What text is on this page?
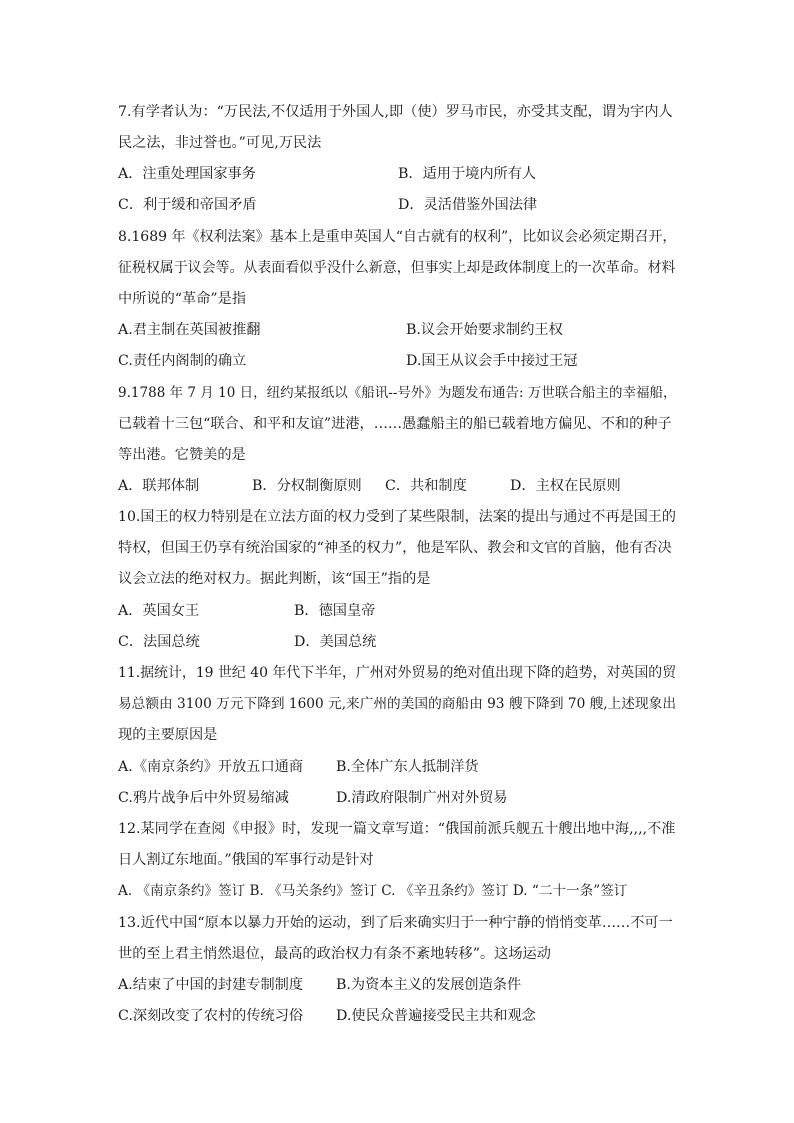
7.有学者认为：“万民法,不仅适用于外国人,即（使）罗马市民，亦受其支配，谓为宇内人
民之法，非过誉也。”可见,万民法
A．注重处理国家事务	B．适用于境内所有人
C．利于缓和帝国矛盾	D．灵活借鉴外国法律
8.1689 年《权利法案》基本上是重申英国人“自古就有的权利”，比如议会必须定期召开，
征税权属于议会等。从表面看似乎没什么新意，但事实上却是政体制度上的一次革命。材料
中所说的“革命”是指
A.君主制在英国被推翻	B.议会开始要求制约王权
C.责任内阁制的确立	D.国王从议会手中接过王冠
9.1788 年 7 月 10 日，纽约某报纸以《船讯--号外》为题发布通告: 万世联合船主的幸福船，
已载着十三包“联合、和平和友谊”进港，……愚蠢船主的船已载着地方偏见、不和的种子
等出港。它赞美的是
A．联邦体制	B．分权制衡原则 C．共和制度	D．主权在民原则
10.国王的权力特别是在立法方面的权力受到了某些限制，法案的提出与通过不再是国王的
特权，但国王仍享有统治国家的“神圣的权力”，他是军队、教会和文官的首脑，他有否决
议会立法的绝对权力。据此判断，该“国王”指的是
A．英国女王	B．德国皇帝
C．法国总统	D．美国总统
11.据统计，19 世纪 40 年代下半年，广州对外贸易的绝对值出现下降的趋势，对英国的贸
易总额由 3100 万元下降到 1600 元,来广州的美国的商船由 93 艘下降到 70 艘,上述现象出
现的主要原因是
A.《南京条约》开放五口通商 B.全体广东人抵制洋货
C.鸦片战争后中外贸易缩减	D.清政府限制广州对外贸易
12.某同学在查阅《申报》时，发现一篇文章写道：“俄国前派兵舰五十艘出地中海,,,,不准
日人割辽东地面。”俄国的军事行动是针对
A. 《南京条约》签订 B. 《马关条约》签订 C. 《辛丑条约》签订 D. “二十一条”签订
13.近代中国“原本以暴力开始的运动，到了后来确实归于一种宁静的悄悄变革……不可一
世的至上君主悄然退位，最高的政治权力有条不紊地转移”。这场运动
A.结束了中国的封建专制制度 B.为资本主义的发展创造条件
C.深刻改变了农村的传统习俗 D.使民众普遍接受民主共和观念
